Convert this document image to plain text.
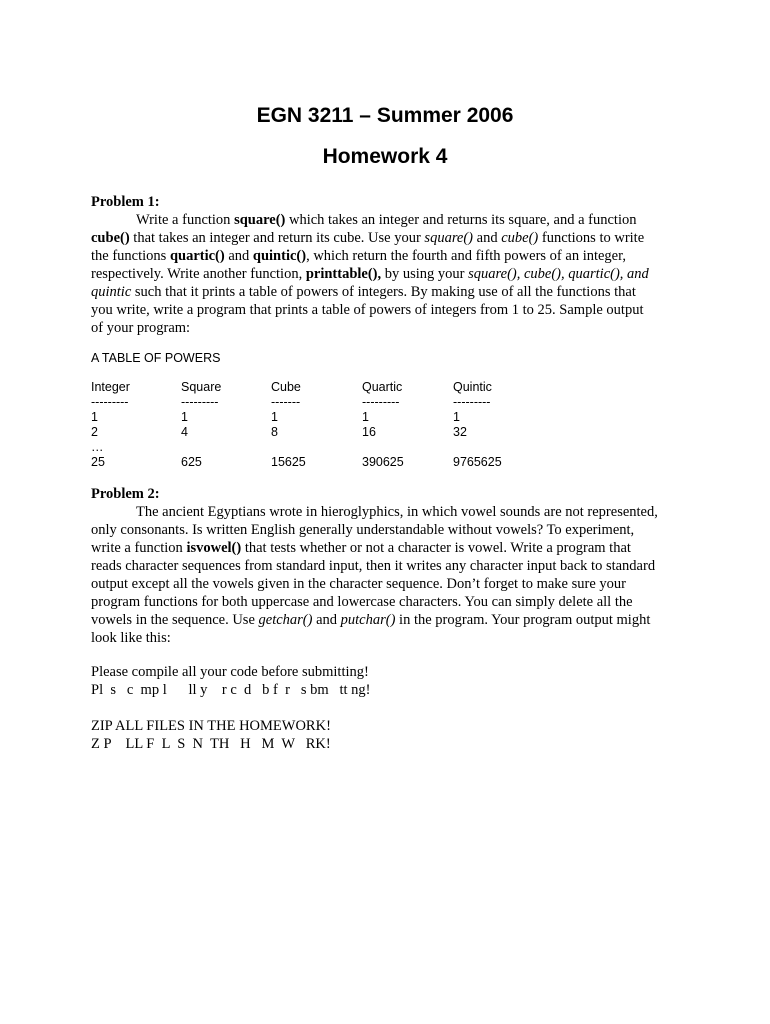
EGN 3211 – Summer 2006
Homework 4
Problem 1:
Write a function square() which takes an integer and returns its square, and a function
cube() that takes an integer and return its cube. Use your square() and cube() functions to write
the functions quartic() and quintic(), which return the fourth and fifth powers of an integer,
respectively. Write another function, printtable(), by using your square(), cube(), quartic(), and
quintic such that it prints a table of powers of integers. By making use of all the functions that
you write, write a program that prints a table of powers of integers from 1 to 25. Sample output
of your program:
A TABLE OF POWERS
Integer	Square	Cube	Quartic	Quintic
---------	---------	-------	---------	---------
1	1	1	1	1
2	4	8	16	32
…
25	625	15625	390625	9765625
Problem 2:
The ancient Egyptians wrote in hieroglyphics, in which vowel sounds are not represented,
only consonants. Is written English generally understandable without vowels? To experiment,
write a function isvowel() that tests whether or not a character is vowel. Write a program that
reads character sequences from standard input, then it writes any character input back to standard
output except all the vowels given in the character sequence. Don’t forget to make sure your
program functions for both uppercase and lowercase characters. You can simply delete all the
vowels in the sequence. Use getchar() and putchar() in the program. Your program output might
look like this:
Please compile all your code before submitting!
Pl  s   c  mp l      ll y    r c  d   b f  r   s bm   tt ng!
ZIP ALL FILES IN THE HOMEWORK!
Z P    LL F  L  S  N  TH   H   M  W   RK!
